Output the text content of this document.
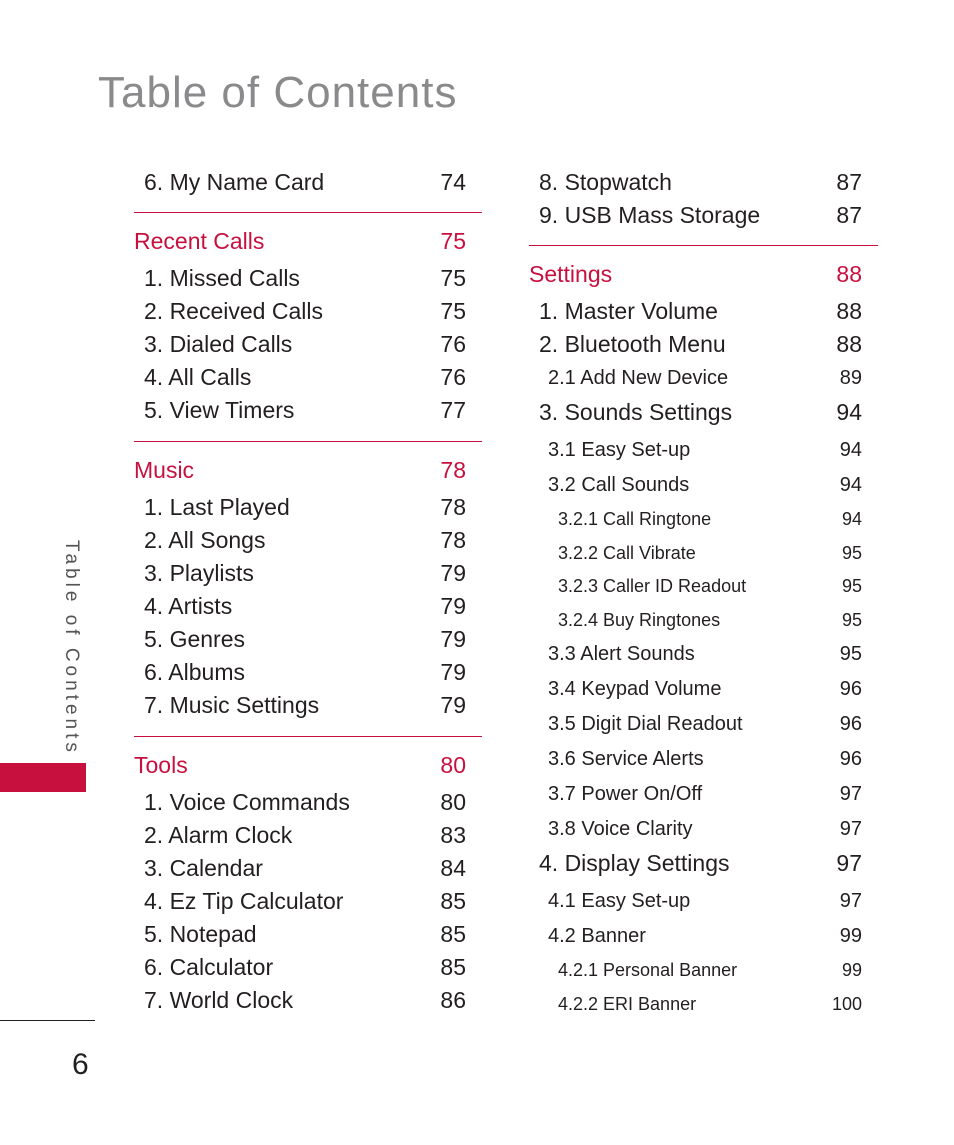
Table of Contents
Table of Contents
6
6. My Name Card	74
Recent Calls	75
1. Missed Calls	75
2. Received Calls	75
3. Dialed Calls	76
4. All Calls	76
5. View Timers	77
Music	78
1. Last Played	78
2. All Songs	78
3. Playlists	79
4. Artists	79
5. Genres	79
6. Albums	79
7. Music Settings	79
Tools	80
1. Voice Commands	80
2. Alarm Clock	83
3. Calendar	84
4. Ez Tip Calculator	85
5. Notepad	85
6. Calculator	85
7. World Clock	86
8. Stopwatch	87
9. USB Mass Storage	87
Settings	88
1. Master Volume	88
2. Bluetooth Menu	88
2.1 Add New Device	89
3. Sounds Settings	94
3.1 Easy Set-up	94
3.2 Call Sounds	94
3.2.1 Call Ringtone	94
3.2.2 Call Vibrate	95
3.2.3 Caller ID Readout	95
3.2.4 Buy Ringtones	95
3.3 Alert Sounds	95
3.4 Keypad Volume	96
3.5 Digit Dial Readout	96
3.6 Service Alerts	96
3.7 Power On/Off	97
3.8 Voice Clarity	97
4. Display Settings	97
4.1 Easy Set-up	97
4.2 Banner	99
4.2.1 Personal Banner	99
4.2.2 ERI Banner	100
